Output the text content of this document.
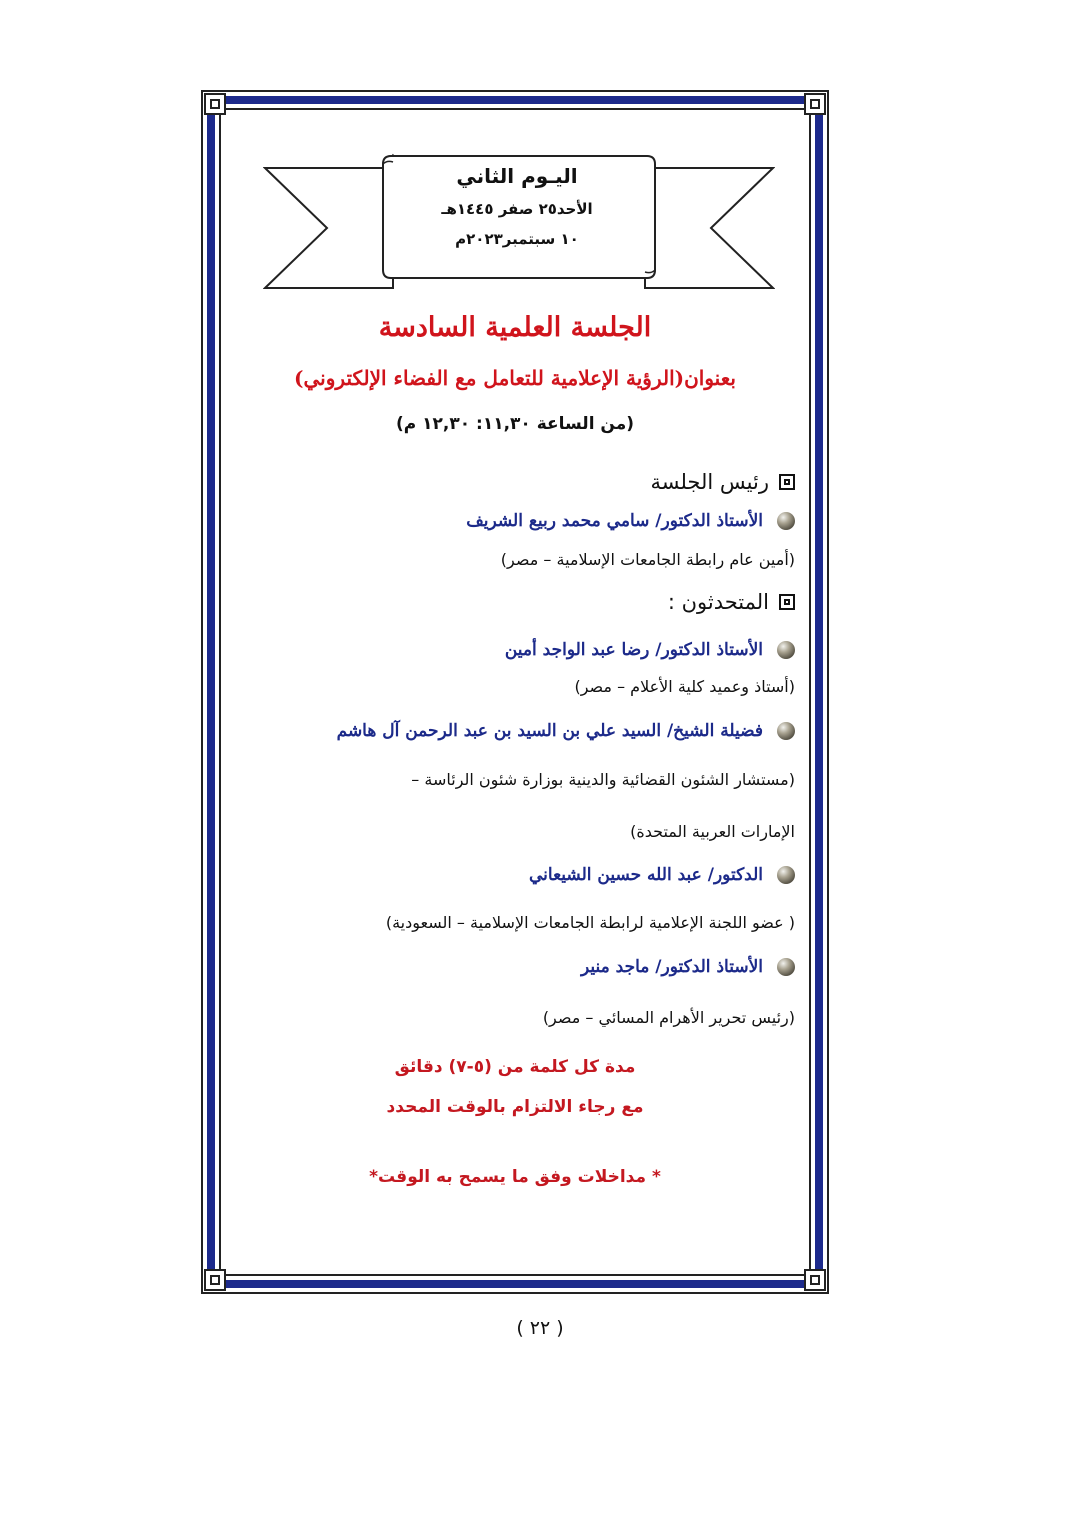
اليـوم الثاني
الأحد٢٥ صفر ١٤٤٥هـ
١٠ سبتمبر٢٠٢٣م
الجلسة العلمية السادسة
بعنوان(الرؤية الإعلامية للتعامل مع الفضاء الإلكتروني)
(من الساعة ١١,٣٠: ١٢,٣٠ م)
رئيس الجلسة
الأستاذ الدكتور/ سامي محمد ربيع الشريف
(أمين عام رابطة الجامعات الإسلامية – مصر)
المتحدثون :
الأستاذ الدكتور/ رضا عبد الواجد أمين
(أستاذ وعميد كلية الأعلام – مصر)
فضيلة الشيخ/ السيد علي بن السيد بن عبد الرحمن آل هاشم
(مستشار الشئون القضائية والدينية بوزارة شئون الرئاسة –
الإمارات العربية المتحدة)
الدكتور/ عبد الله حسين الشيعاني
( عضو اللجنة الإعلامية لرابطة الجامعات الإسلامية – السعودية)
الأستاذ الدكتور/ ماجد منير
(رئيس تحرير الأهرام المسائي – مصر)
مدة كل كلمة من (٥-٧) دقائق
مع رجاء الالتزام بالوقت المحدد
* مداخلات وفق ما يسمح به الوقت*
( ٢٢ )
